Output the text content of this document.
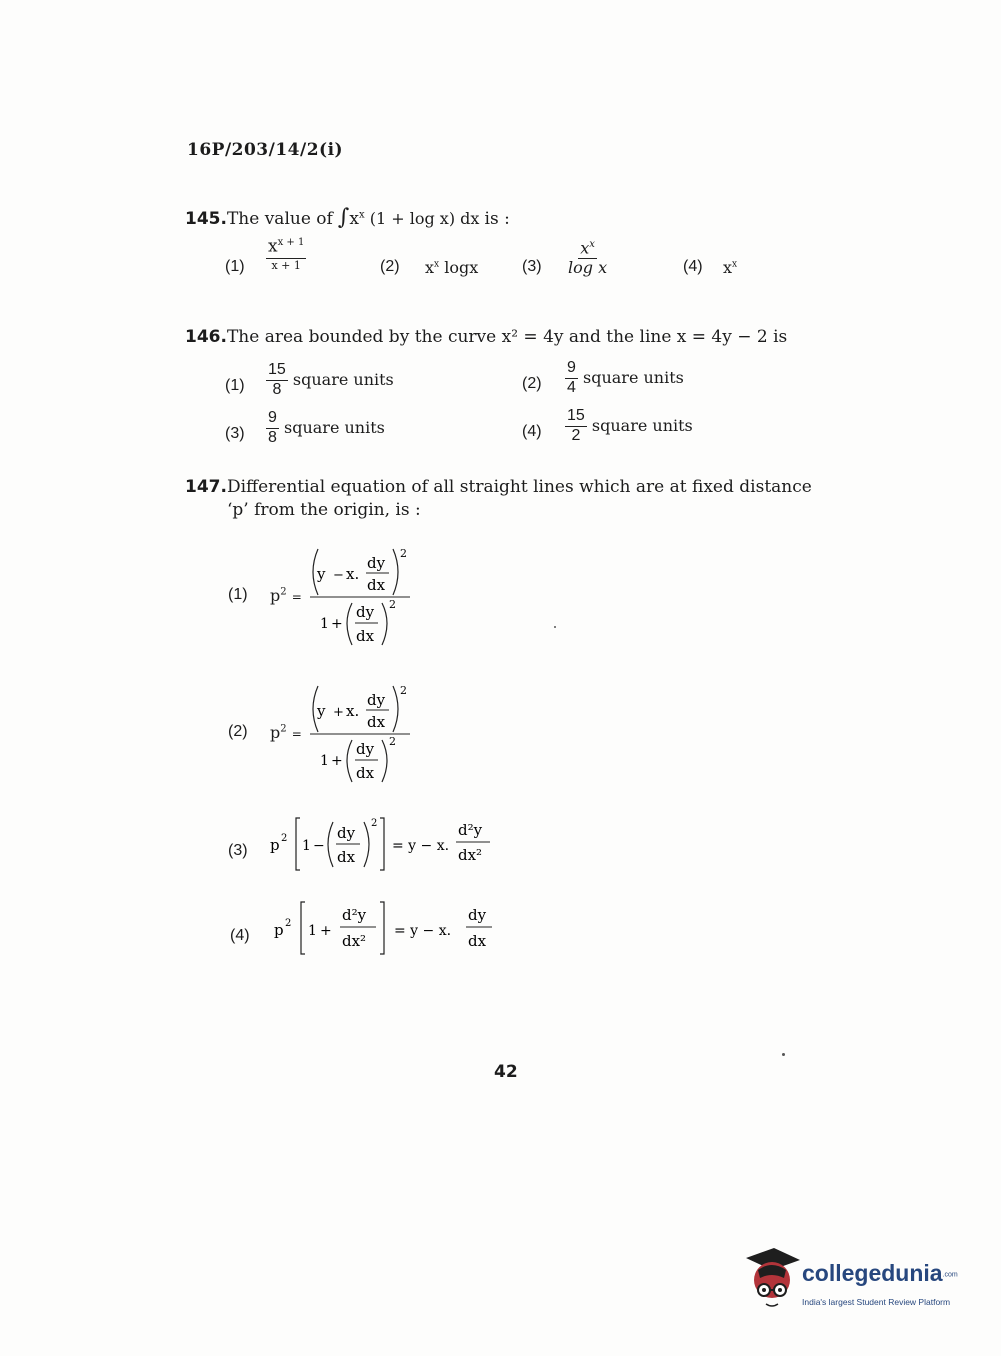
16P/203/14/2(i)
145.The value of $\int x^x$ (1 + log x) dx is :
$(1) \frac{x^{x + 1}}{x + 1}$	(2) $x^x$ logx	$(3) \frac{x^x}{\text{log x}}$	(4) $x^x$
146.The area bounded by the curve x² = 4y and the line x = 4y − 2 is
$(1) \frac{15}{8}$ square units	$(2) \frac{9}{4}$ square units
$(3) \frac{9}{8}$ square units	$(4) \frac{15}{2}$ square units
147.Differential equation of all straight lines which are at fixed distance
‘p’ from the origin, is :
(1) $p^2$ =
y − x.
dy
dx
2
1 +
dy
dx
2
(2) $p^2$ =
y + x.
dy
dx
2
1 +
dy
dx
2
(3) p 2 1 −
dy
dx
2
= y − x.
d²y
dx²
(4) p 2 1 +
d²y
dx²
= y − x.
dy
dx
42
collegedunia.com
India's largest Student Review Platform
